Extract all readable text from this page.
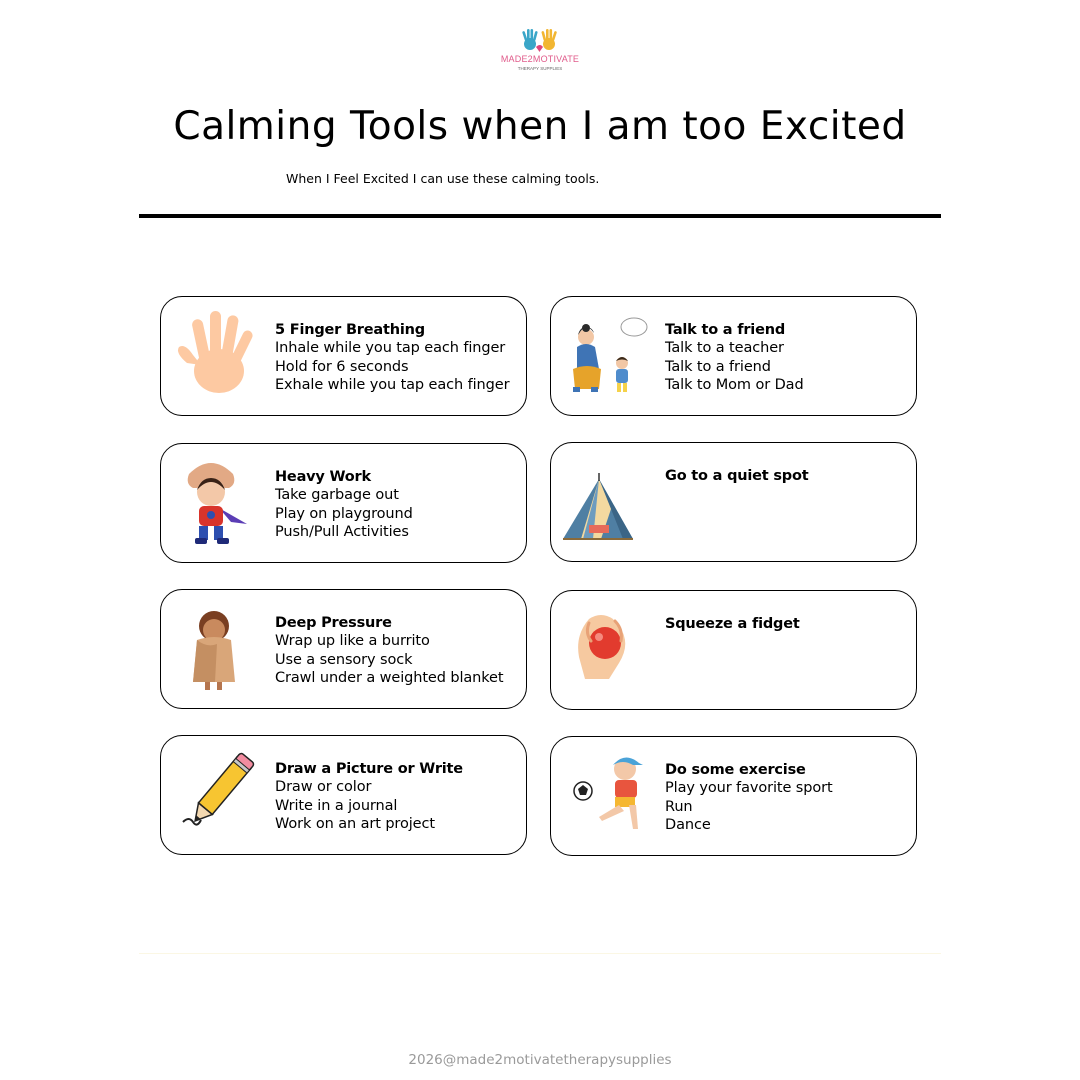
MADE2MOTIVATE
THERAPY SUPPLIES
Calming Tools when I am too Excited
When I Feel Excited I can use these calming tools.
5 Finger Breathing
Inhale while you tap each finger
Hold for 6 seconds
Exhale while you tap each finger
Talk to a friend
Talk to a teacher
Talk to a friend
Talk to Mom or Dad
Heavy Work
Take garbage out
Play on playground
Push/Pull Activities
Go to a quiet spot
Deep Pressure
Wrap up like a burrito
Use a sensory sock
Crawl under a weighted blanket
Squeeze a fidget
Draw a Picture or Write
Draw or color
Write in a journal
Work on an art project
Do some exercise
Play your favorite sport
Run
Dance
2026@made2motivatetherapysupplies
